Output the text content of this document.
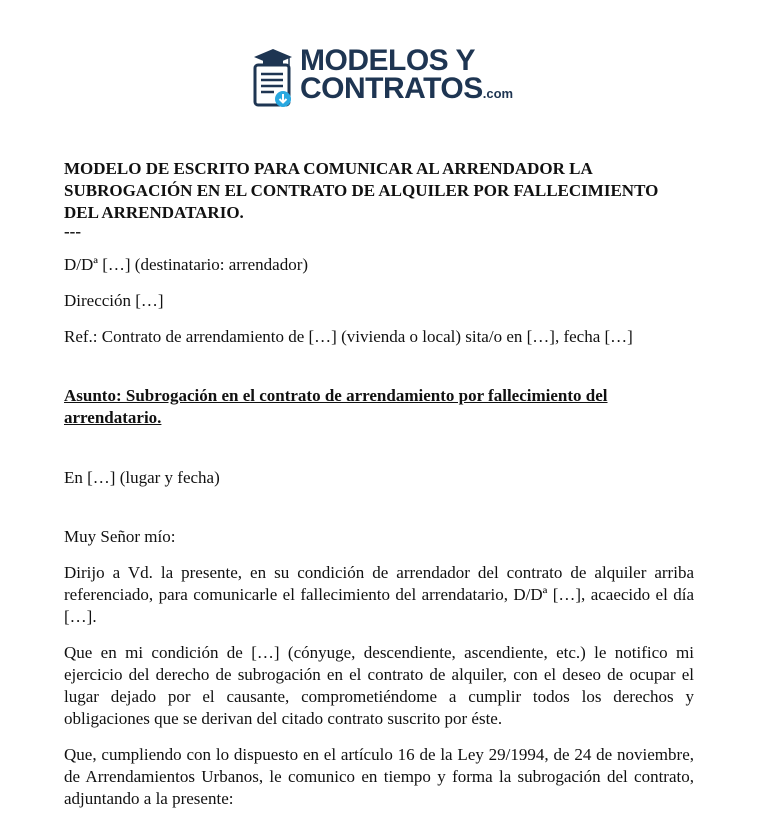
MODELOS Y
CONTRATOS.com

MODELO DE ESCRITO PARA COMUNICAR AL ARRENDADOR LA SUBROGACIÓN EN EL CONTRATO DE ALQUILER POR FALLECIMIENTO DEL ARRENDATARIO.

---

D/Dª […] (destinatario: arrendador)

Dirección […]

Ref.: Contrato de arrendamiento de […] (vivienda o local) sita/o en […], fecha […]

Asunto: Subrogación en el contrato de arrendamiento por fallecimiento del arrendatario.

En […] (lugar y fecha)

Muy Señor mío:

Dirijo a Vd. la presente, en su condición de arrendador del contrato de alquiler arriba referenciado, para comunicarle el fallecimiento del arrendatario, D/Dª […], acaecido el día […].

Que en mi condición de […] (cónyuge, descendiente, ascendiente, etc.) le notifico mi ejercicio del derecho de subrogación en el contrato de alquiler, con el deseo de ocupar el lugar dejado por el causante, comprometiéndome a cumplir todos los derechos y obligaciones que se derivan del citado contrato suscrito por éste.

Que, cumpliendo con lo dispuesto en el artículo 16 de la Ley 29/1994, de 24 de noviembre, de Arrendamientos Urbanos, le comunico en tiempo y forma la subrogación del contrato, adjuntando a la presente:
